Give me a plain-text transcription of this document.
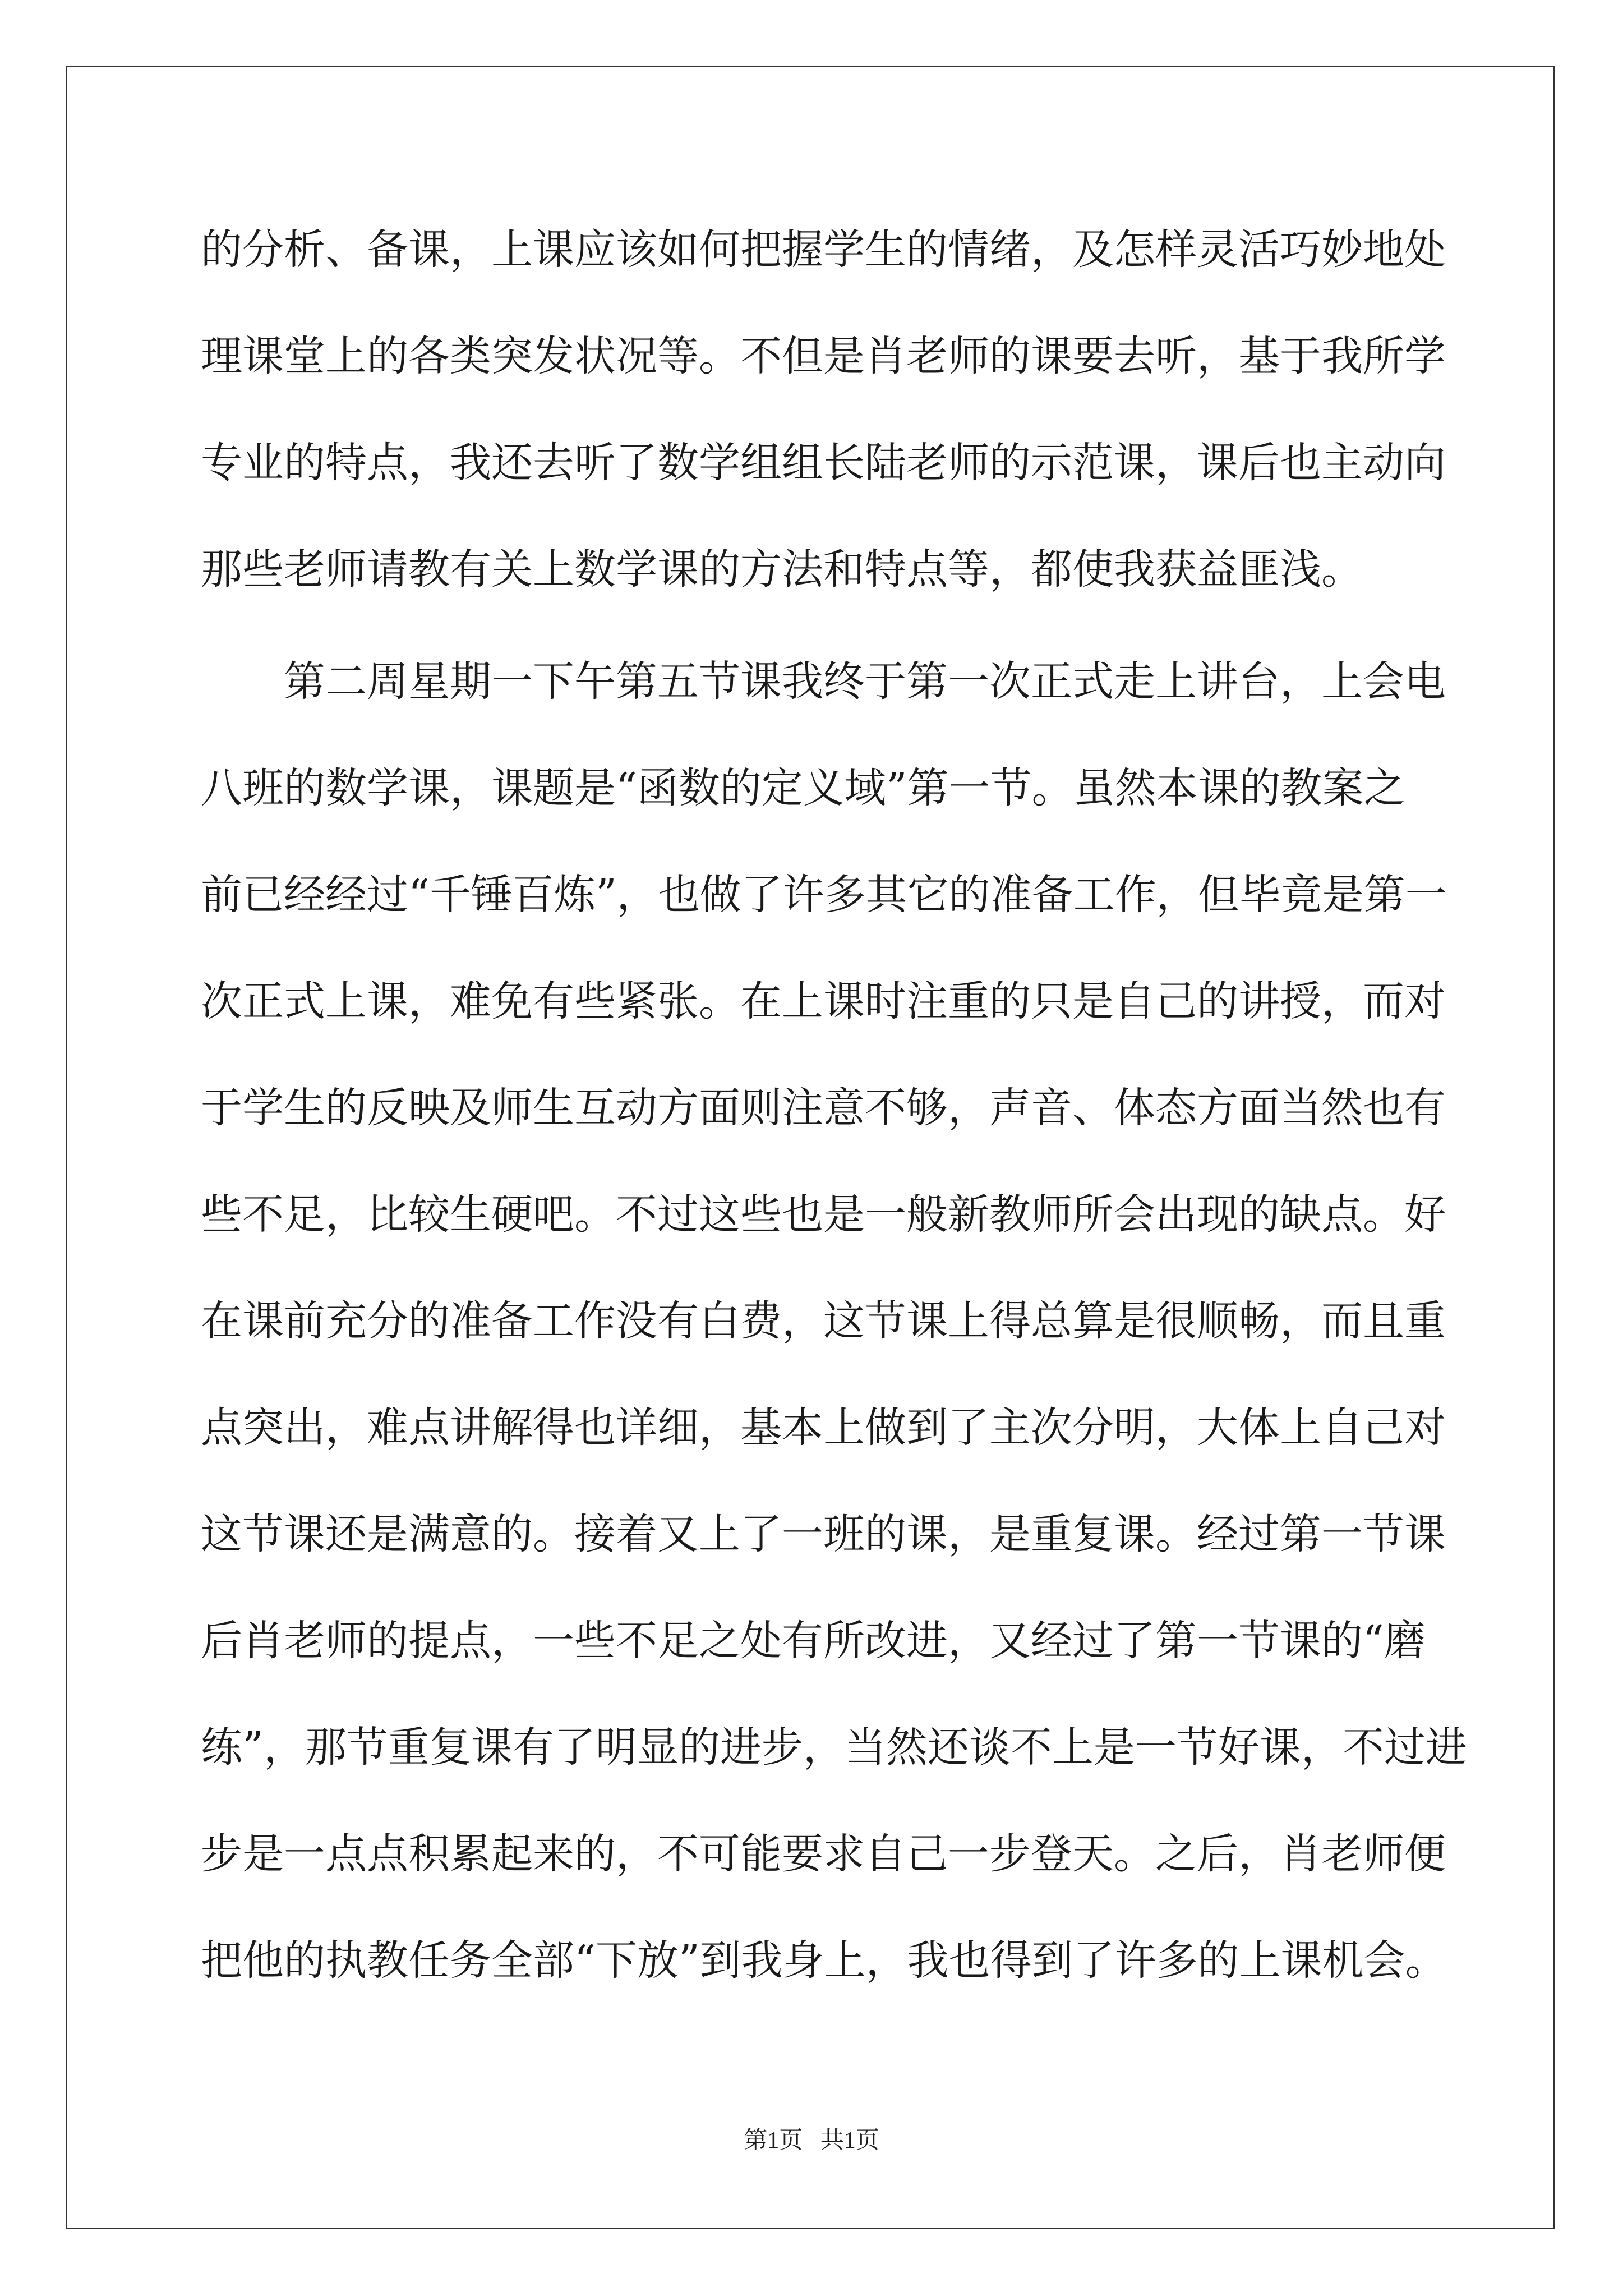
的分析、备课，上课应该如何把握学生的情绪，及怎样灵活巧妙地处

理课堂上的各类突发状况等。不但是肖老师的课要去听，基于我所学

专业的特点，我还去听了数学组组长陆老师的示范课，课后也主动向

那些老师请教有关上数学课的方法和特点等，都使我获益匪浅。

第二周星期一下午第五节课我终于第一次正式走上讲台，上会电

八班的数学课，课题是“函数的定义域”第一节。虽然本课的教案之

前已经经过“千锤百炼”，也做了许多其它的准备工作，但毕竟是第一

次正式上课，难免有些紧张。在上课时注重的只是自己的讲授，而对

于学生的反映及师生互动方面则注意不够，声音、体态方面当然也有

些不足，比较生硬吧。不过这些也是一般新教师所会出现的缺点。好

在课前充分的准备工作没有白费，这节课上得总算是很顺畅，而且重

点突出，难点讲解得也详细，基本上做到了主次分明，大体上自己对

这节课还是满意的。接着又上了一班的课，是重复课。经过第一节课

后肖老师的提点，一些不足之处有所改进，又经过了第一节课的“磨

练”，那节重复课有了明显的进步，当然还谈不上是一节好课，不过进

步是一点点积累起来的，不可能要求自己一步登天。之后，肖老师便

把他的执教任务全部“下放”到我身上，我也得到了许多的上课机会。

第1页   共1页
